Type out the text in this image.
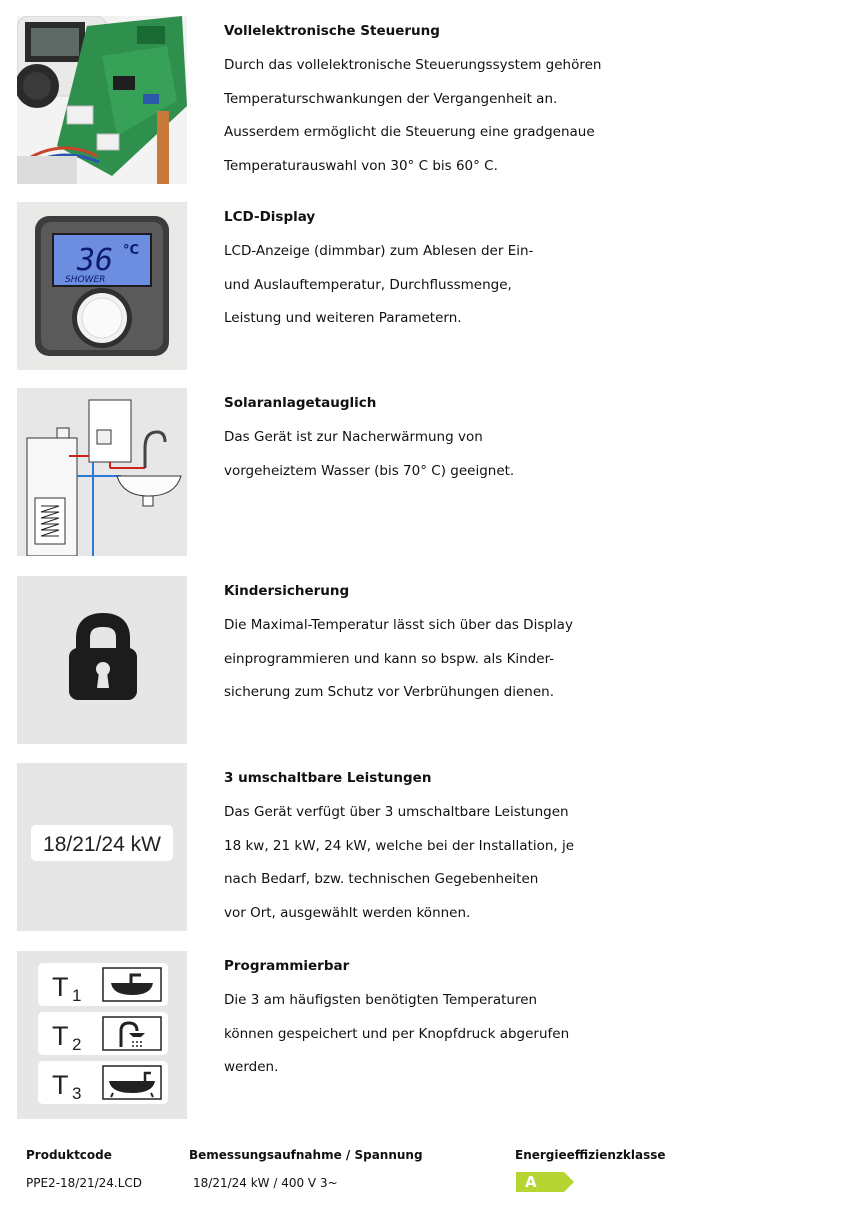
Vollelektronische Steuerung
Durch das vollelektronische Steuerungssystem gehören
Temperaturschwankungen der Vergangenheit an.
Ausserdem ermöglicht die Steuerung eine gradgenaue
Temperaturauswahl von 30° C bis 60° C.
36 °C
SHOWER
LCD-Display
LCD-Anzeige (dimmbar) zum Ablesen der Ein-
und Auslauftemperatur, Durchflussmenge,
Leistung und weiteren Parametern.
Solaranlagetauglich
Das Gerät ist zur Nacherwärmung von
vorgeheiztem Wasser (bis 70° C) geeignet.
Kindersicherung
Die Maximal-Temperatur lässt sich über das Display
einprogrammieren und kann so bspw. als Kinder-
sicherung zum Schutz vor Verbrühungen dienen.
18/21/24 kW
3 umschaltbare Leistungen
Das Gerät verfügt über 3 umschaltbare Leistungen
18 kw, 21 kW, 24 kW, welche bei der Installation, je
nach Bedarf, bzw. technischen Gegebenheiten
vor Ort, ausgewählt werden können.
T 1
T 2
T 3
Programmierbar
Die 3 am häufigsten benötigten Temperaturen
können gespeichert und per Knopfdruck abgerufen
werden.
Produktcode	Bemessungsaufnahme / Spannung	Energieeffizienzklasse
PPE2-18/21/24.LCD	18/21/24 kW / 400 V 3~	A
